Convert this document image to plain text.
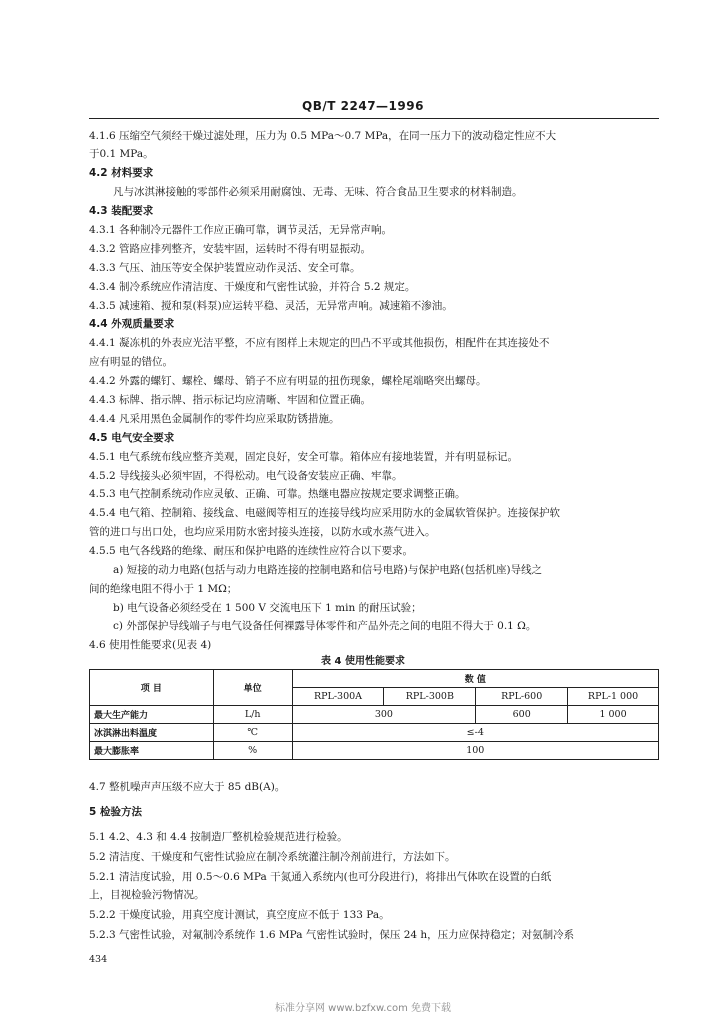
QB/T 2247—1996
4.1.6 压缩空气须经干燥过滤处理，压力为 0.5 MPa～0.7 MPa，在同一压力下的波动稳定性应不大
于0.1 MPa。
4.2 材料要求
凡与冰淇淋接触的零部件必须采用耐腐蚀、无毒、无味、符合食品卫生要求的材料制造。
4.3 装配要求
4.3.1 各种制冷元器件工作应正确可靠，调节灵活，无异常声响。
4.3.2 管路应排列整齐，安装牢固，运转时不得有明显振动。
4.3.3 气压、油压等安全保护装置应动作灵活、安全可靠。
4.3.4 制冷系统应作清洁度、干燥度和气密性试验，并符合 5.2 规定。
4.3.5 减速箱、搅和泵(料泵)应运转平稳、灵活，无异常声响。减速箱不渗油。
4.4 外观质量要求
4.4.1 凝冻机的外表应光洁平整，不应有图样上未规定的凹凸不平或其他损伤，相配件在其连接处不
应有明显的错位。
4.4.2 外露的螺钉、螺栓、螺母、销子不应有明显的扭伤现象，螺栓尾端略突出螺母。
4.4.3 标牌、指示牌、指示标记均应清晰、牢固和位置正确。
4.4.4 凡采用黑色金属制作的零件均应采取防锈措施。
4.5 电气安全要求
4.5.1 电气系统布线应整齐美观，固定良好，安全可靠。箱体应有接地装置，并有明显标记。
4.5.2 导线接头必须牢固，不得松动。电气设备安装应正确、牢靠。
4.5.3 电气控制系统动作应灵敏、正确、可靠。热继电器应按规定要求调整正确。
4.5.4 电气箱、控制箱、接线盒、电磁阀等相互的连接导线均应采用防水的金属软管保护。连接保护软
管的进口与出口处，也均应采用防水密封接头连接，以防水或水蒸气进入。
4.5.5 电气各线路的绝缘、耐压和保护电路的连续性应符合以下要求。
a) 短接的动力电路(包括与动力电路连接的控制电路和信号电路)与保护电路(包括机座)导线之
间的绝缘电阻不得小于 1 MΩ；
b) 电气设备必须经受在 1 500 V 交流电压下 1 min 的耐压试验；
c) 外部保护导线端子与电气设备任何裸露导体零件和产品外壳之间的电阻不得大于 0.1 Ω。
4.6 使用性能要求(见表 4)
表 4 使用性能要求
项 目	单位	数 值			
		RPL-300A	RPL-300B	RPL-600	RPL-1 000
最大生产能力	L/h	300		600	1 000
冰淇淋出料温度	℃	≤-4			
最大膨胀率	%	100			
4.7 整机噪声声压级不应大于 85 dB(A)。
5 检验方法
5.1 4.2、4.3 和 4.4 按制造厂整机检验规范进行检验。
5.2 清洁度、干燥度和气密性试验应在制冷系统灌注制冷剂前进行，方法如下。
5.2.1 清洁度试验，用 0.5～0.6 MPa 干氮通入系统内(也可分段进行)，将排出气体吹在设置的白纸
上，目视检验污物情况。
5.2.2 干燥度试验，用真空度计测试，真空度应不低于 133 Pa。
5.2.3 气密性试验，对氟制冷系统作 1.6 MPa 气密性试验时，保压 24 h，压力应保持稳定；对氨制冷系
434
标准分享网 www.bzfxw.com 免费下载
